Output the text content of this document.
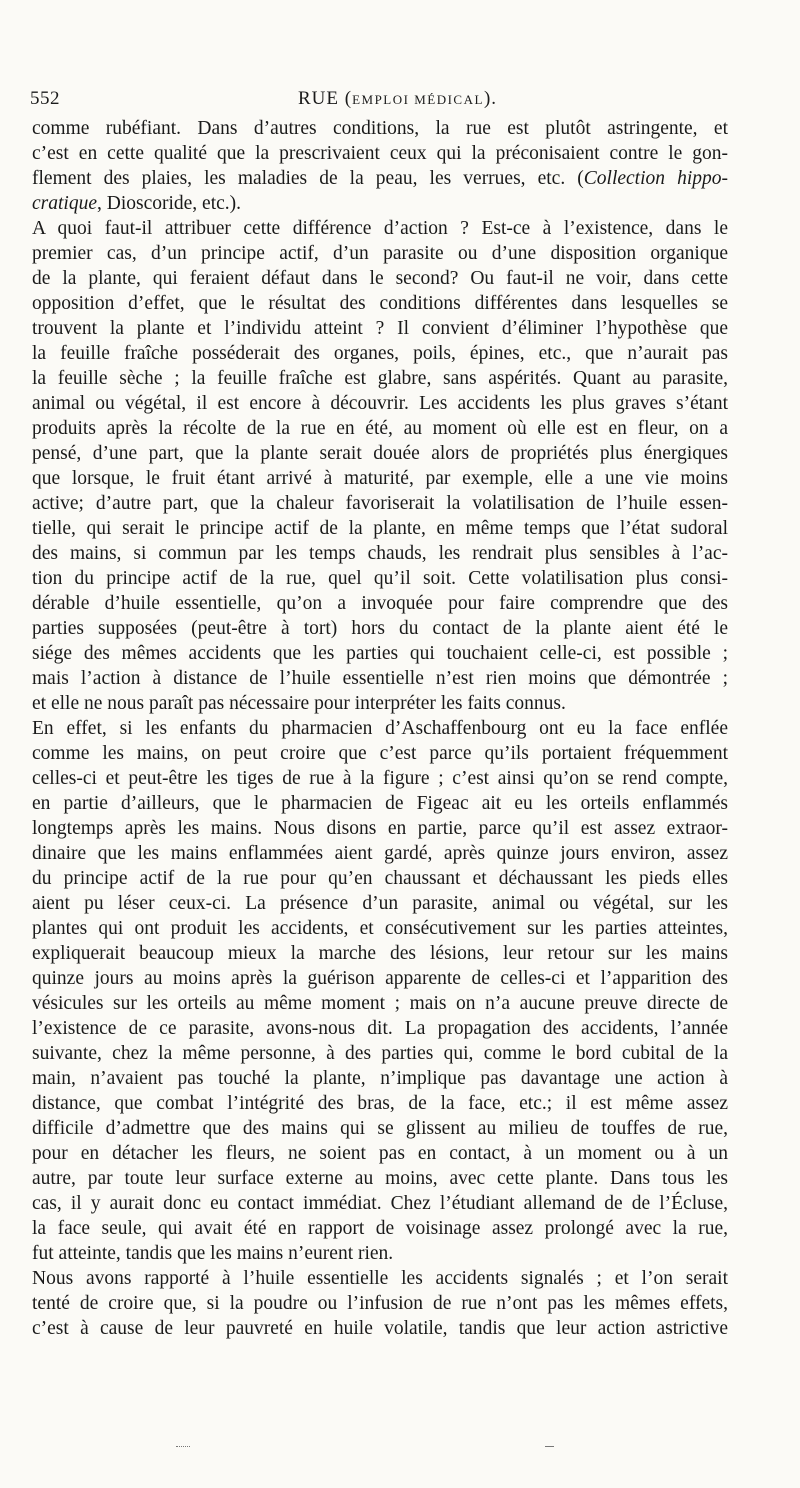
552	RUE (EMPLOI MÉDICAL).
comme rubéfiant. Dans d’autres conditions, la rue est plutôt astringente, et
c’est en cette qualité que la prescrivaient ceux qui la préconisaient contre le gon-
flement des plaies, les maladies de la peau, les verrues, etc. (Collection hippo-
cratique, Dioscoride, etc.).
A quoi faut-il attribuer cette différence d’action ? Est-ce à l’existence, dans le
premier cas, d’un principe actif, d’un parasite ou d’une disposition organique
de la plante, qui feraient défaut dans le second? Ou faut-il ne voir, dans cette
opposition d’effet, que le résultat des conditions différentes dans lesquelles se
trouvent la plante et l’individu atteint ? Il convient d’éliminer l’hypothèse que
la feuille fraîche posséderait des organes, poils, épines, etc., que n’aurait pas
la feuille sèche ; la feuille fraîche est glabre, sans aspérités. Quant au parasite,
animal ou végétal, il est encore à découvrir. Les accidents les plus graves s’étant
produits après la récolte de la rue en été, au moment où elle est en fleur, on a
pensé, d’une part, que la plante serait douée alors de propriétés plus énergiques
que lorsque, le fruit étant arrivé à maturité, par exemple, elle a une vie moins
active; d’autre part, que la chaleur favoriserait la volatilisation de l’huile essen-
tielle, qui serait le principe actif de la plante, en même temps que l’état sudoral
des mains, si commun par les temps chauds, les rendrait plus sensibles à l’ac-
tion du principe actif de la rue, quel qu’il soit. Cette volatilisation plus consi-
dérable d’huile essentielle, qu’on a invoquée pour faire comprendre que des
parties supposées (peut-être à tort) hors du contact de la plante aient été le
siége des mêmes accidents que les parties qui touchaient celle-ci, est possible ;
mais l’action à distance de l’huile essentielle n’est rien moins que démontrée ;
et elle ne nous paraît pas nécessaire pour interpréter les faits connus.
En effet, si les enfants du pharmacien d’Aschaffenbourg ont eu la face enflée
comme les mains, on peut croire que c’est parce qu’ils portaient fréquemment
celles-ci et peut-être les tiges de rue à la figure ; c’est ainsi qu’on se rend compte,
en partie d’ailleurs, que le pharmacien de Figeac ait eu les orteils enflammés
longtemps après les mains. Nous disons en partie, parce qu’il est assez extraor-
dinaire que les mains enflammées aient gardé, après quinze jours environ, assez
du principe actif de la rue pour qu’en chaussant et déchaussant les pieds elles
aient pu léser ceux-ci. La présence d’un parasite, animal ou végétal, sur les
plantes qui ont produit les accidents, et consécutivement sur les parties atteintes,
expliquerait beaucoup mieux la marche des lésions, leur retour sur les mains
quinze jours au moins après la guérison apparente de celles-ci et l’apparition des
vésicules sur les orteils au même moment ; mais on n’a aucune preuve directe de
l’existence de ce parasite, avons-nous dit. La propagation des accidents, l’année
suivante, chez la même personne, à des parties qui, comme le bord cubital de la
main, n’avaient pas touché la plante, n’implique pas davantage une action à
distance, que combat l’intégrité des bras, de la face, etc.; il est même assez
difficile d’admettre que des mains qui se glissent au milieu de touffes de rue,
pour en détacher les fleurs, ne soient pas en contact, à un moment ou à un
autre, par toute leur surface externe au moins, avec cette plante. Dans tous les
cas, il y aurait donc eu contact immédiat. Chez l’étudiant allemand de de l’Écluse,
la face seule, qui avait été en rapport de voisinage assez prolongé avec la rue,
fut atteinte, tandis que les mains n’eurent rien.
Nous avons rapporté à l’huile essentielle les accidents signalés ; et l’on serait
tenté de croire que, si la poudre ou l’infusion de rue n’ont pas les mêmes effets,
c’est à cause de leur pauvreté en huile volatile, tandis que leur action astrictive
